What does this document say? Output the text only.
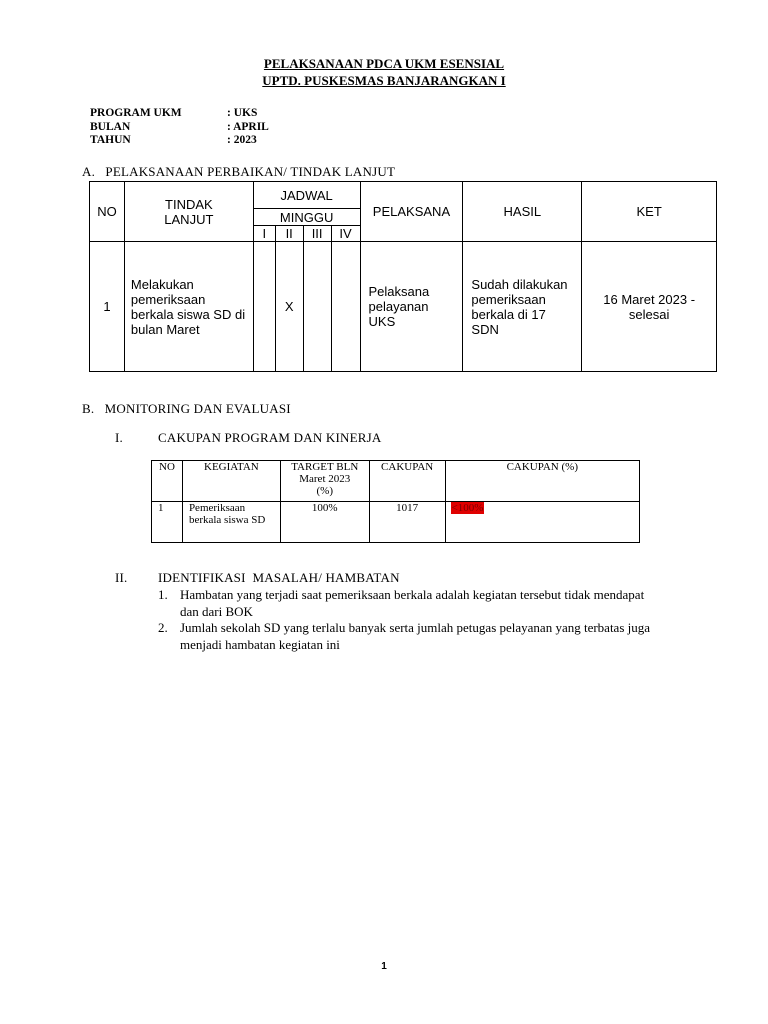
PELAKSANAAN PDCA UKM ESENSIAL
UPTD. PUSKESMAS BANJARANGKAN I
PROGRAM UKM	: UKS
BULAN	: APRIL
TAHUN	: 2023
A.   PELAKSANAAN PERBAIKAN/ TINDAK LANJUT
NO	TINDAK LANJUT	JADWAL				PELAKSANA	HASIL	KET
		MINGGU						
		I	II	III	IV			
1	Melakukan pemeriksaan berkala siswa SD di bulan Maret		X			Pelaksana pelayanan UKS	Sudah dilakukan pemeriksaan berkala di 17 SDN	16 Maret 2023 - selesai
B.   MONITORING DAN EVALUASI
I.	CAKUPAN PROGRAM DAN KINERJA
NO	KEGIATAN	TARGET BLN Maret 2023 (%)	CAKUPAN	CAKUPAN (%)
1	Pemeriksaan berkala siswa SD	100%	1017	<100%
II. IDENTIFIKASI  MASALAH/ HAMBATAN
1. Hambatan yang terjadi saat pemeriksaan berkala adalah kegiatan tersebut tidak mendapat dan dari BOK
2. Jumlah sekolah SD yang terlalu banyak serta jumlah petugas pelayanan yang terbatas juga menjadi hambatan kegiatan ini
1
